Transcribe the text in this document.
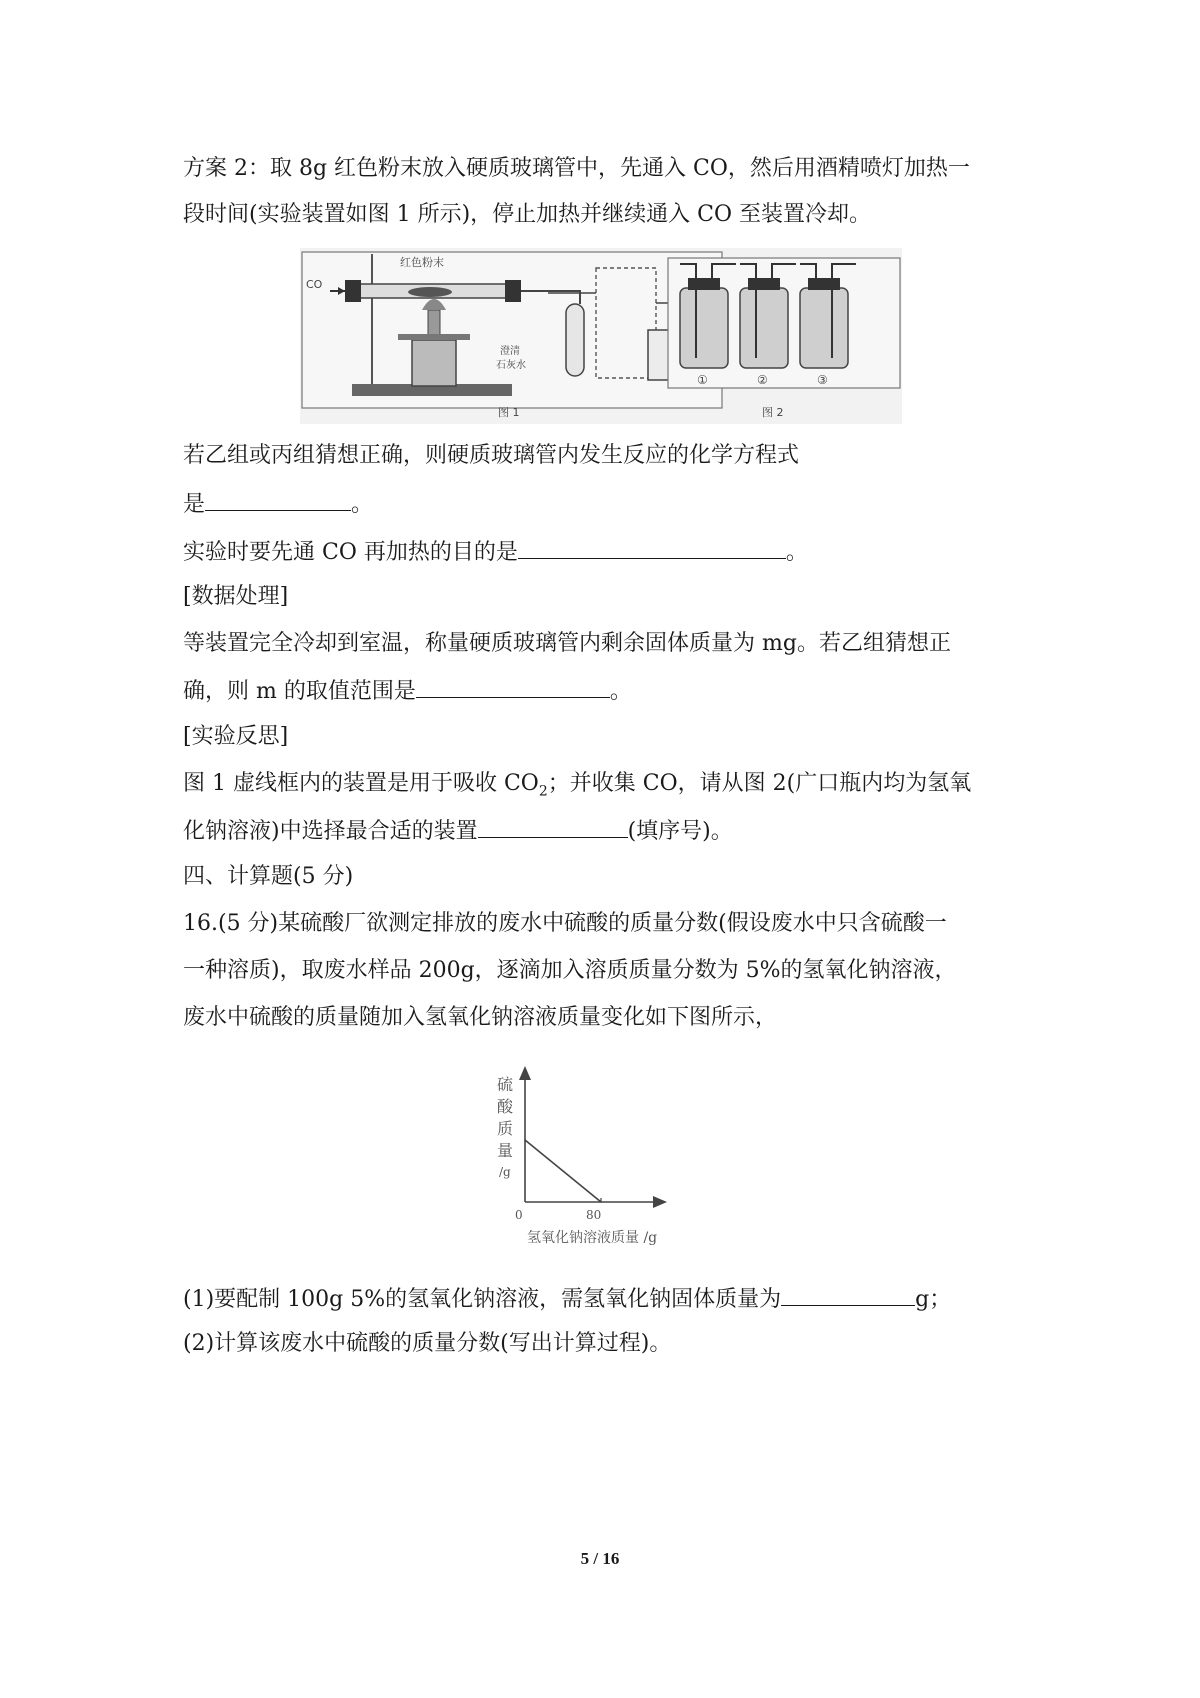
方案 2：取 8g 红色粉末放入硬质玻璃管中，先通入 CO，然后用酒精喷灯加热一
段时间(实验装置如图 1 所示)，停止加热并继续通入 CO 至装置冷却。
红色粉末
CO
澄清
石灰水
图 1	图 2
①	②	③
若乙组或丙组猜想正确，则硬质玻璃管内发生反应的化学方程式
是	。
实验时要先通 CO 再加热的目的是	。
[数据处理]
等装置完全冷却到室温，称量硬质玻璃管内剩余固体质量为 mg。若乙组猜想正
确，则 m 的取值范围是	。
[实验反思]
图 1 虚线框内的装置是用于吸收 $CO_2$；并收集 CO，请从图 2(广口瓶内均为氢氧
化钠溶液)中选择最合适的装置	(填序号)。
四、计算题(5 分)
16.(5 分)某硫酸厂欲测定排放的废水中硫酸的质量分数(假设废水中只含硫酸一
一种溶质)，取废水样品 200g，逐滴加入溶质质量分数为 5%的氢氧化钠溶液，
废水中硫酸的质量随加入氢氧化钠溶液质量变化如下图所示，
硫
酸
质
量
/g
0	80
氢氧化钠溶液质量 /g
(1)要配制 100g 5%的氢氧化钠溶液，需氢氧化钠固体质量为	g；
(2)计算该废水中硫酸的质量分数(写出计算过程)。
5 / 16
